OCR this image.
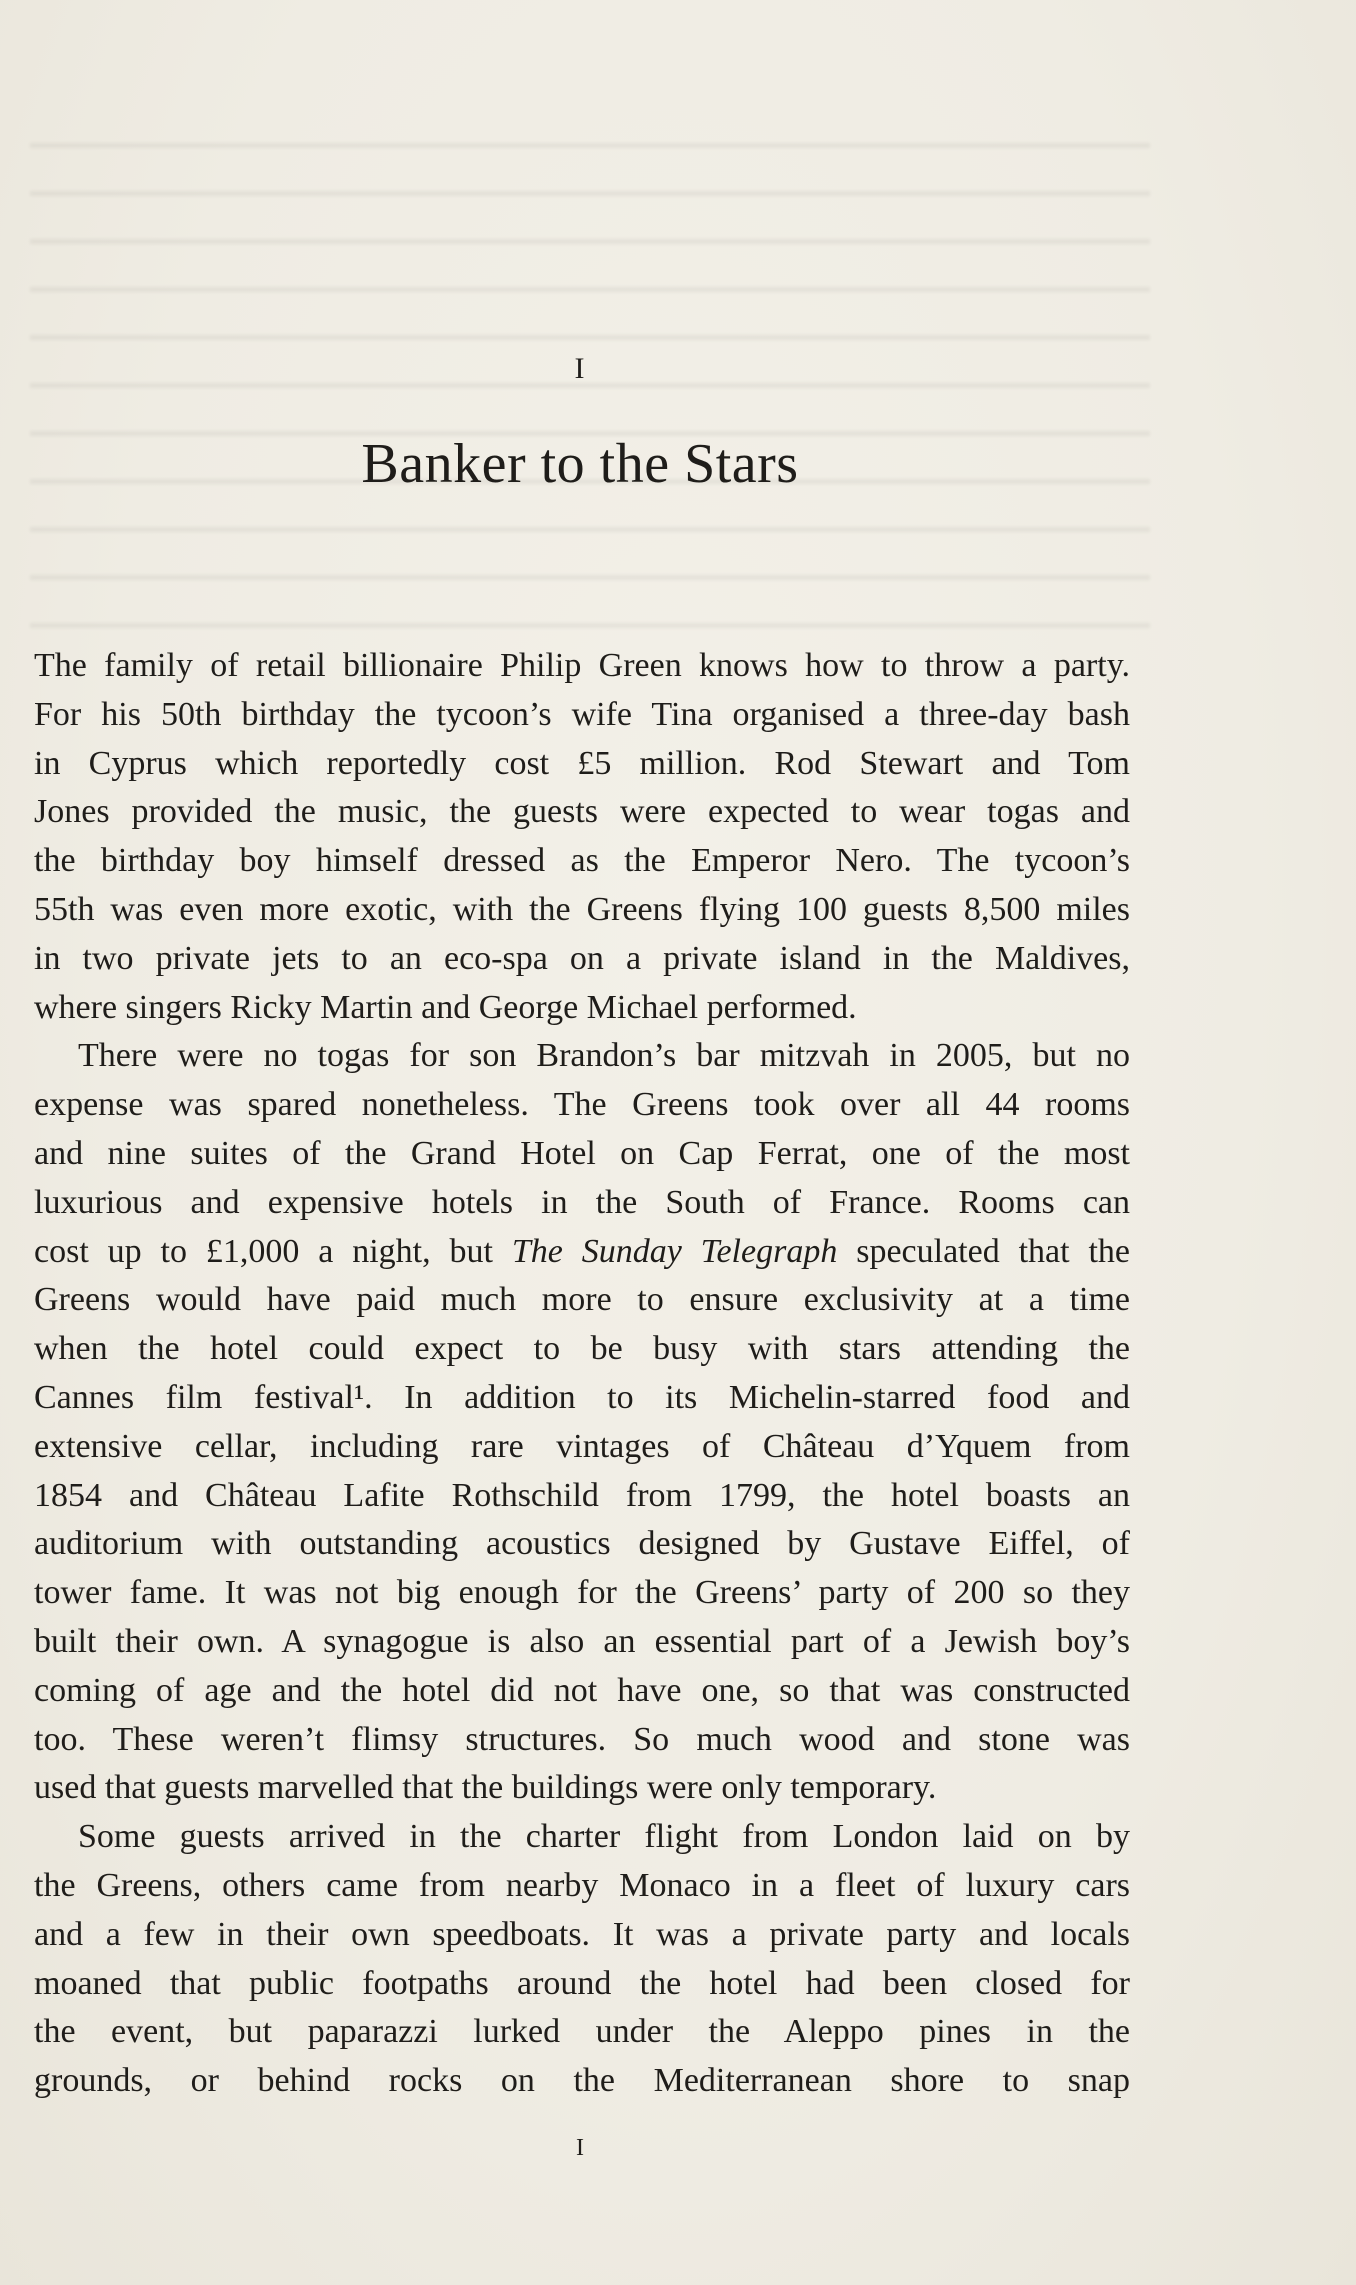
I
Banker to the Stars
The family of retail billionaire Philip Green knows how to throw a party.
For his 50th birthday the tycoon’s wife Tina organised a three-day bash
in Cyprus which reportedly cost £5 million. Rod Stewart and Tom
Jones provided the music, the guests were expected to wear togas and
the birthday boy himself dressed as the Emperor Nero. The tycoon’s
55th was even more exotic, with the Greens flying 100 guests 8,500 miles
in two private jets to an eco-spa on a private island in the Maldives,
where singers Ricky Martin and George Michael performed.
There were no togas for son Brandon’s bar mitzvah in 2005, but no
expense was spared nonetheless. The Greens took over all 44 rooms
and nine suites of the Grand Hotel on Cap Ferrat, one of the most
luxurious and expensive hotels in the South of France. Rooms can
cost up to £1,000 a night, but The Sunday Telegraph speculated that the
Greens would have paid much more to ensure exclusivity at a time
when the hotel could expect to be busy with stars attending the
Cannes film festival¹. In addition to its Michelin-starred food and
extensive cellar, including rare vintages of Château d’Yquem from
1854 and Château Lafite Rothschild from 1799, the hotel boasts an
auditorium with outstanding acoustics designed by Gustave Eiffel, of
tower fame. It was not big enough for the Greens’ party of 200 so they
built their own. A synagogue is also an essential part of a Jewish boy’s
coming of age and the hotel did not have one, so that was constructed
too. These weren’t flimsy structures. So much wood and stone was
used that guests marvelled that the buildings were only temporary.
Some guests arrived in the charter flight from London laid on by
the Greens, others came from nearby Monaco in a fleet of luxury cars
and a few in their own speedboats. It was a private party and locals
moaned that public footpaths around the hotel had been closed for
the event, but paparazzi lurked under the Aleppo pines in the
grounds, or behind rocks on the Mediterranean shore to snap
I
